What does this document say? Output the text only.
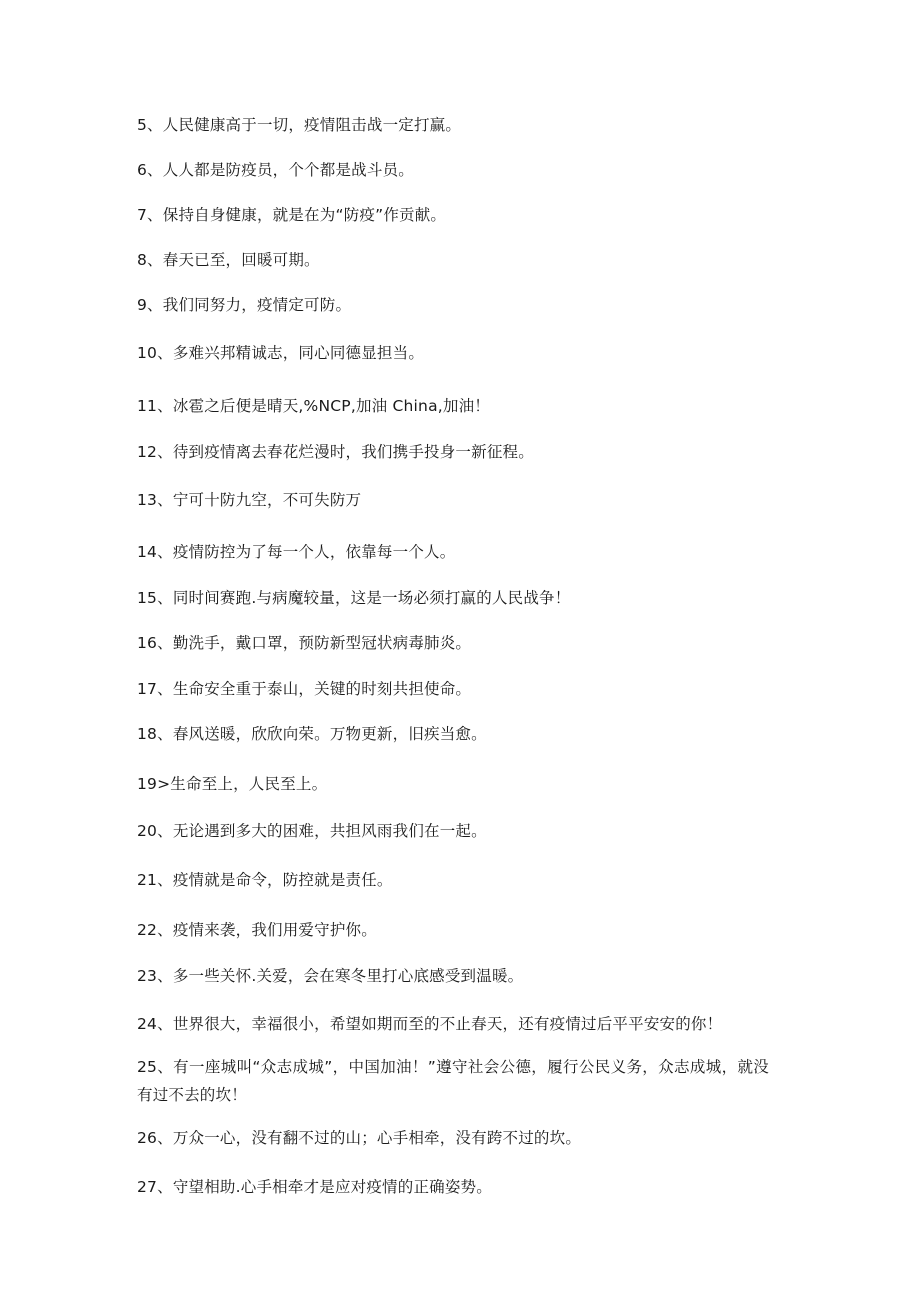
5、人民健康高于一切，疫情阻击战一定打赢。
6、人人都是防疫员，个个都是战斗员。
7、保持自身健康，就是在为“防疫”作贡献。
8、春天已至，回暖可期。
9、我们同努力，疫情定可防。
10、多难兴邦精诚志，同心同德显担当。
11、冰雹之后便是晴天,%NCP,加油 China,加油！
12、待到疫情离去春花烂漫时，我们携手投身一新征程。
13、宁可十防九空，不可失防万
14、疫情防控为了每一个人，依靠每一个人。
15、同时间赛跑.与病魔较量，这是一场必须打赢的人民战争！
16、勤洗手，戴口罩，预防新型冠状病毒肺炎。
17、生命安全重于泰山，关键的时刻共担使命。
18、春风送暖，欣欣向荣。万物更新，旧疾当愈。
19>生命至上，人民至上。
20、无论遇到多大的困难，共担风雨我们在一起。
21、疫情就是命令，防控就是责任。
22、疫情来袭，我们用爱守护你。
23、多一些关怀.关爱，会在寒冬里打心底感受到温暖。
24、世界很大，幸福很小，希望如期而至的不止春天，还有疫情过后平平安安的你！
25、有一座城叫“众志成城”，中国加油！”遵守社会公德，履行公民义务，众志成城，就没有过不去的坎！
26、万众一心，没有翻不过的山；心手相牵，没有跨不过的坎。
27、守望相助.心手相牵才是应对疫情的正确姿势。
